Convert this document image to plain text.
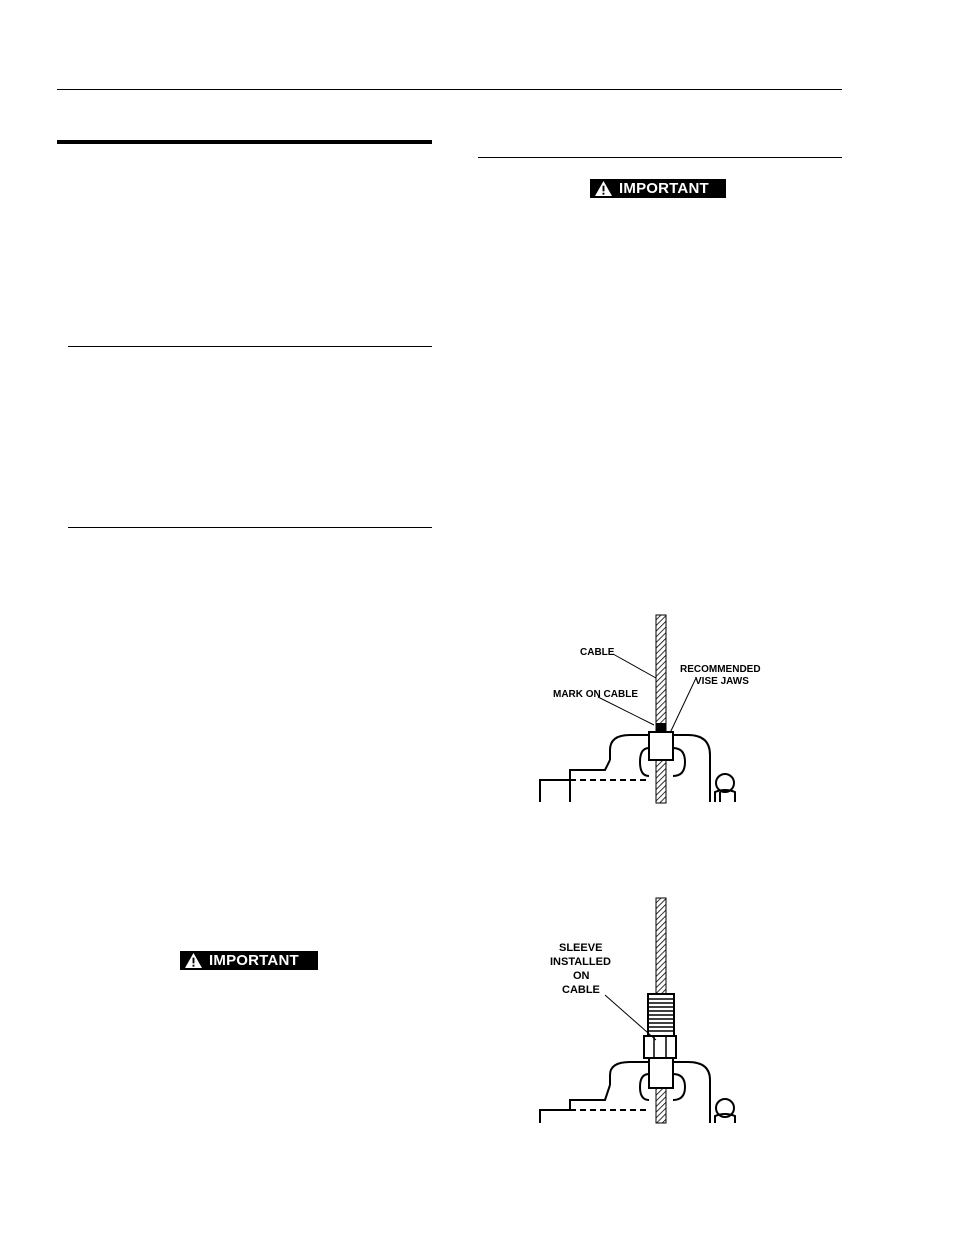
IMPORTANT
IMPORTANT
CABLE
RECOMMENDED
VISE JAWS
MARK ON CABLE
SLEEVE
INSTALLED
ON
CABLE
